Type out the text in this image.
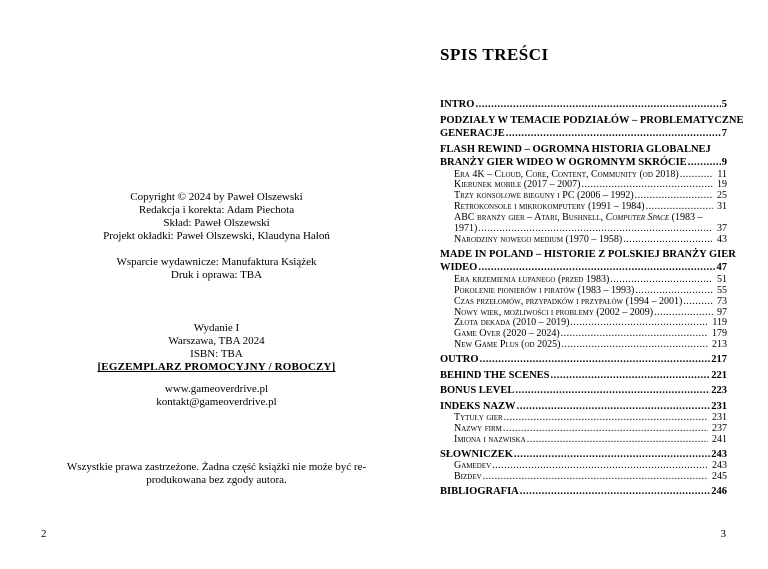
Copyright © 2024 by Paweł Olszewski
Redakcja i korekta: Adam Piechota
Skład: Paweł Olszewski
Projekt okładki: Paweł Olszewski, Klaudyna Hałoń
Wsparcie wydawnicze: Manufaktura Książek
Druk i oprawa: TBA
Wydanie I
Warszawa, TBA 2024
ISBN: TBA
[EGZEMPLARZ PROMOCYJNY / ROBOCZY]
www.gameoverdrive.pl
kontakt@gameoverdrive.pl
Wszystkie prawa zastrzeżone. Żadna część książki nie może być re-
produkowana bez zgody autora.
2
SPIS TREŚCI
INTRO .....	5
PODZIAŁY W TEMACIE PODZIAŁÓW – PROBLEMATYCZNE
GENERACJE .....	7
FLASH REWIND – OGROMNA HISTORIA GLOBALNEJ
BRANŻY GIER WIDEO W OGROMNYM SKRÓCIE .....	9
Era 4K – Cloud, Core, Content, Community (od 2018) .....	11
Kierunek mobile (2017 – 2007) .....	19
Trzy konsolowe bieguny i PC (2006 – 1992) .....	25
Retrokonsole i mikrokomputery (1991 – 1984) .....	31
ABC branży gier – Atari, Bushnell, Computer Space (1983 –
1971) .....	37
Narodziny nowego medium (1970 – 1958) .....	43
MADE IN POLAND – HISTORIE Z POLSKIEJ BRANŻY GIER
WIDEO .....	47
Era krzemienia łupanego (przed 1983) .....	51
Pokolenie pionierów i piratów (1983 – 1993) .....	55
Czas przełomów, przypadków i przypałów (1994 – 2001) .....	73
Nowy wiek, możliwości i problemy (2002 – 2009) .....	97
Złota dekada (2010 – 2019) .....	119
Game Over (2020 – 2024) .....	179
New Game Plus (od 2025) .....	213
OUTRO .....	217
BEHIND THE SCENES .....	221
BONUS LEVEL .....	223
INDEKS NAZW .....	231
Tytuły gier .....	231
Nazwy firm .....	237
Imiona i nazwiska .....	241
SŁOWNICZEK .....	243
Gamedev .....	243
Bizdev .....	245
BIBLIOGRAFIA .....	246
3
